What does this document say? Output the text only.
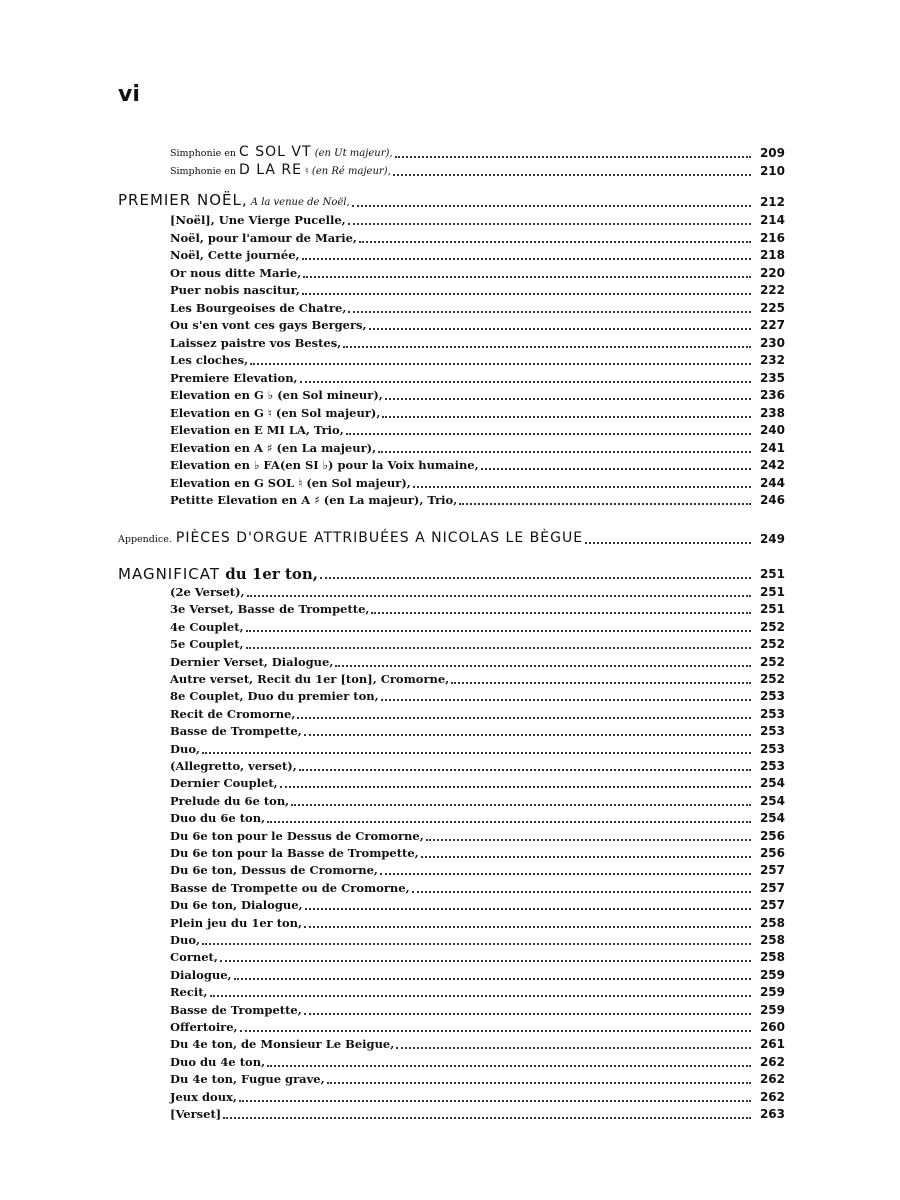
vi
Simphonie en C SOL VT (en Ut majeur),	209
Simphonie en D LA RE ♮ (en Ré majeur),	210
PREMIER NOËL, A la venue de Noël,	212
[Noël], Une Vierge Pucelle,	214
Noël, pour l'amour de Marie,	216
Noël, Cette journée,	218
Or nous ditte Marie,	220
Puer nobis nascitur,	222
Les Bourgeoises de Chatre,	225
Ou s'en vont ces gays Bergers,	227
Laissez paistre vos Bestes,	230
Les cloches,	232
Premiere Elevation,	235
Elevation en G ♭ (en Sol mineur),	236
Elevation en G ♮ (en Sol majeur),	238
Elevation en E MI LA, Trio,	240
Elevation en A ♯ (en La majeur),	241
Elevation en ♭ FA(en SI ♭) pour la Voix humaine,	242
Elevation en G SOL ♮ (en Sol majeur),	244
Petitte Elevation en A ♯ (en La majeur), Trio,	246
Appendice. PIÈCES D'ORGUE ATTRIBUÉES A NICOLAS LE BÈGUE	249
MAGNIFICAT du 1er ton,	251
(2e Verset),	251
3e Verset, Basse de Trompette,	251
4e Couplet,	252
5e Couplet,	252
Dernier Verset, Dialogue,	252
Autre verset, Recit du 1er [ton], Cromorne,	252
8e Couplet, Duo du premier ton,	253
Recit de Cromorne,	253
Basse de Trompette,	253
Duo,	253
(Allegretto, verset),	253
Dernier Couplet,	254
Prelude du 6e ton,	254
Duo du 6e ton,	254
Du 6e ton pour le Dessus de Cromorne,	256
Du 6e ton pour la Basse de Trompette,	256
Du 6e ton, Dessus de Cromorne,	257
Basse de Trompette ou de Cromorne,	257
Du 6e ton, Dialogue,	257
Plein jeu du 1er ton,	258
Duo,	258
Cornet,	258
Dialogue,	259
Recit,	259
Basse de Trompette,	259
Offertoire,	260
Du 4e ton, de Monsieur Le Beigue,	261
Duo du 4e ton,	262
Du 4e ton, Fugue grave,	262
Jeux doux,	262
[Verset]	263
